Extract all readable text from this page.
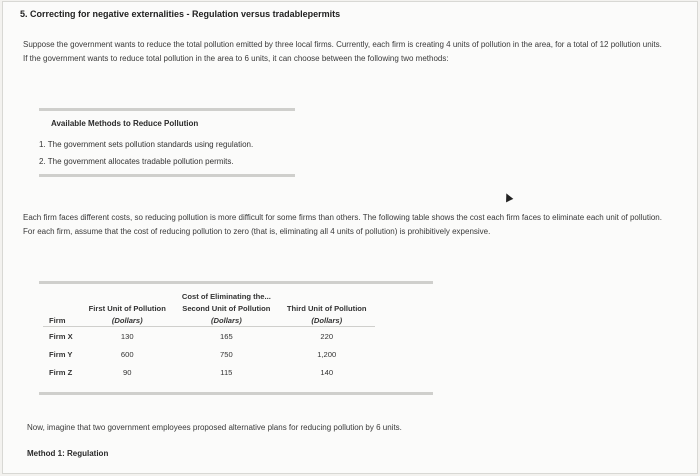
5. Correcting for negative externalities - Regulation versus tradablepermits
Suppose the government wants to reduce the total pollution emitted by three local firms. Currently, each firm is creating 4 units of pollution in the area, for a total of 12 pollution units. If the government wants to reduce total pollution in the area to 6 units, it can choose between the following two methods:
Available Methods to Reduce Pollution
1. The government sets pollution standards using regulation.
2. The government allocates tradable pollution permits.
Each firm faces different costs, so reducing pollution is more difficult for some firms than others. The following table shows the cost each firm faces to eliminate each unit of pollution. For each firm, assume that the cost of reducing pollution to zero (that is, eliminating all 4 units of pollution) is prohibitively expensive.
		Cost of Eliminating the...	
	First Unit of Pollution	Second Unit of Pollution	Third Unit of Pollution
Firm	(Dollars)	(Dollars)	(Dollars)
Firm X	130	165	220
Firm Y	600	750	1,200
Firm Z	90	115	140
Now, imagine that two government employees proposed alternative plans for reducing pollution by 6 units.
Method 1: Regulation
